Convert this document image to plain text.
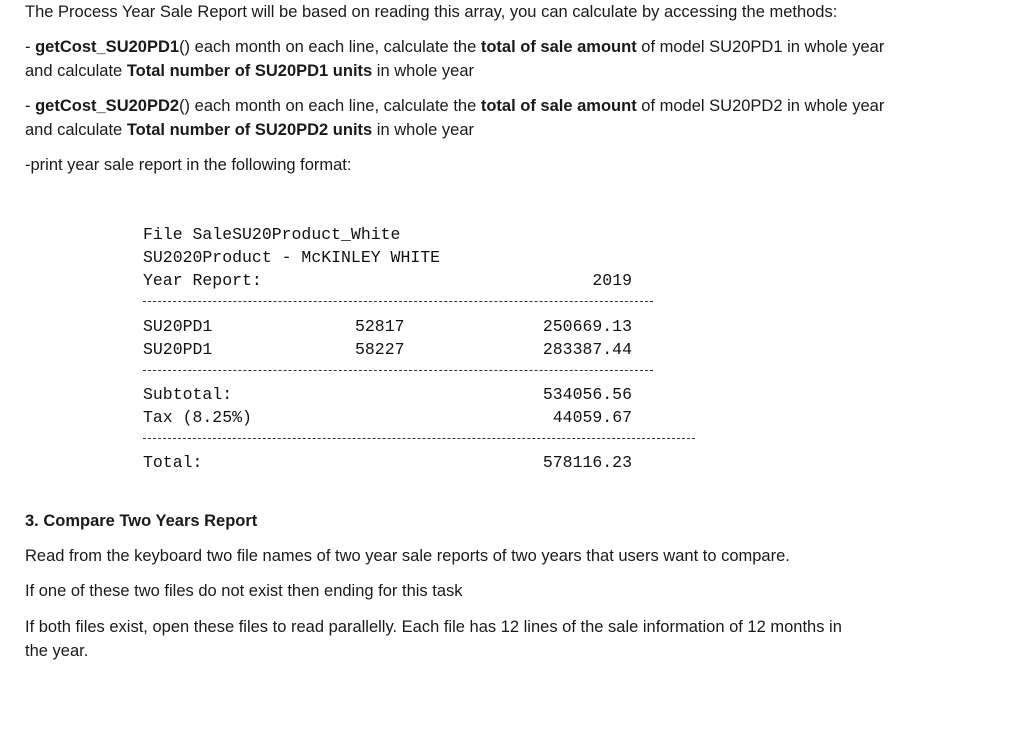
The Process Year Sale Report will be based on reading this array, you can calculate by accessing the methods:

- getCost_SU20PD1() each month on each line, calculate the total of sale amount of model SU20PD1 in whole year

and calculate Total number of SU20PD1 units in whole year

- getCost_SU20PD2() each month on each line, calculate the total of sale amount of model SU20PD2 in whole year

and calculate Total number of SU20PD2 units in whole year

-print year sale report in the following format:

File SaleSU20Product_White
SU2020Product - McKINLEY WHITE
Year Report:	2019
SU20PD1	52817	250669.13
SU20PD1	58227	283387.44
Subtotal:	534056.56
Tax (8.25%)	44059.67
Total:	578116.23

3. Compare Two Years Report

Read from the keyboard two file names of two year sale reports of two years that users want to compare.

If one of these two files do not exist then ending for this task

If both files exist, open these files to read parallelly. Each file has 12 lines of the sale information of 12 months in

the year.
